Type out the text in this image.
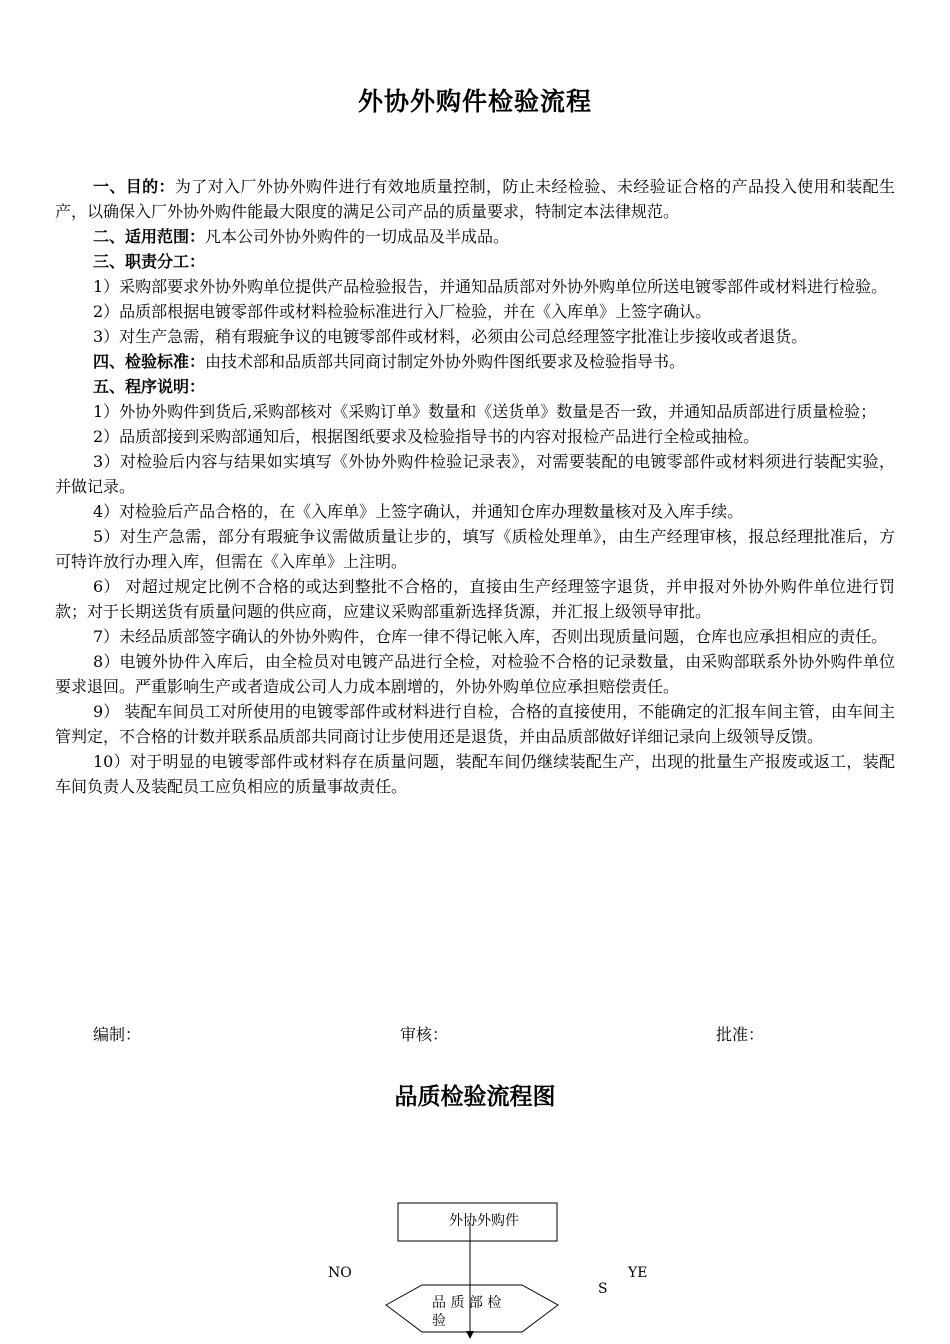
外协外购件检验流程

一、目的：为了对入厂外协外购件进行有效地质量控制，防止未经检验、未经验证合格的产品投入使用和装配生产，以确保入厂外协外购件能最大限度的满足公司产品的质量要求，特制定本法律规范。

二、适用范围：凡本公司外协外购件的一切成品及半成品。

三、职责分工：

1）采购部要求外协外购单位提供产品检验报告，并通知品质部对外协外购单位所送电镀零部件或材料进行检验。

2）品质部根据电镀零部件或材料检验标准进行入厂检验，并在《入库单》上签字确认。

3）对生产急需，稍有瑕疵争议的电镀零部件或材料，必须由公司总经理签字批准让步接收或者退货。

四、检验标准：由技术部和品质部共同商讨制定外协外购件图纸要求及检验指导书。

五、程序说明：

1）外协外购件到货后,采购部核对《采购订单》数量和《送货单》数量是否一致，并通知品质部进行质量检验；

2）品质部接到采购部通知后，根据图纸要求及检验指导书的内容对报检产品进行全检或抽检。

3）对检验后内容与结果如实填写《外协外购件检验记录表》，对需要装配的电镀零部件或材料须进行装配实验，并做记录。

4）对检验后产品合格的，在《入库单》上签字确认，并通知仓库办理数量核对及入库手续。

5）对生产急需，部分有瑕疵争议需做质量让步的，填写《质检处理单》，由生产经理审核，报总经理批准后，方可特许放行办理入库，但需在《入库单》上注明。

6） 对超过规定比例不合格的或达到整批不合格的，直接由生产经理签字退货，并申报对外协外购件单位进行罚款；对于长期送货有质量问题的供应商，应建议采购部重新选择货源，并汇报上级领导审批。

7）未经品质部签字确认的外协外购件，仓库一律不得记帐入库，否则出现质量问题，仓库也应承担相应的责任。

8）电镀外协件入库后，由全检员对电镀产品进行全检，对检验不合格的记录数量，由采购部联系外协外购件单位要求退回。严重影响生产或者造成公司人力成本剧增的，外协外购单位应承担赔偿责任。

9） 装配车间员工对所使用的电镀零部件或材料进行自检，合格的直接使用，不能确定的汇报车间主管，由车间主管判定，不合格的计数并联系品质部共同商讨让步使用还是退货，并由品质部做好详细记录向上级领导反馈。

10）对于明显的电镀零部件或材料存在质量问题，装配车间仍继续装配生产，出现的批量生产报废或返工，装配车间负责人及装配员工应负相应的质量事故责任。

编制：	审核：	批准：
品质检验流程图
外协外购件
品 质 部 检
验
NO	YE
S
